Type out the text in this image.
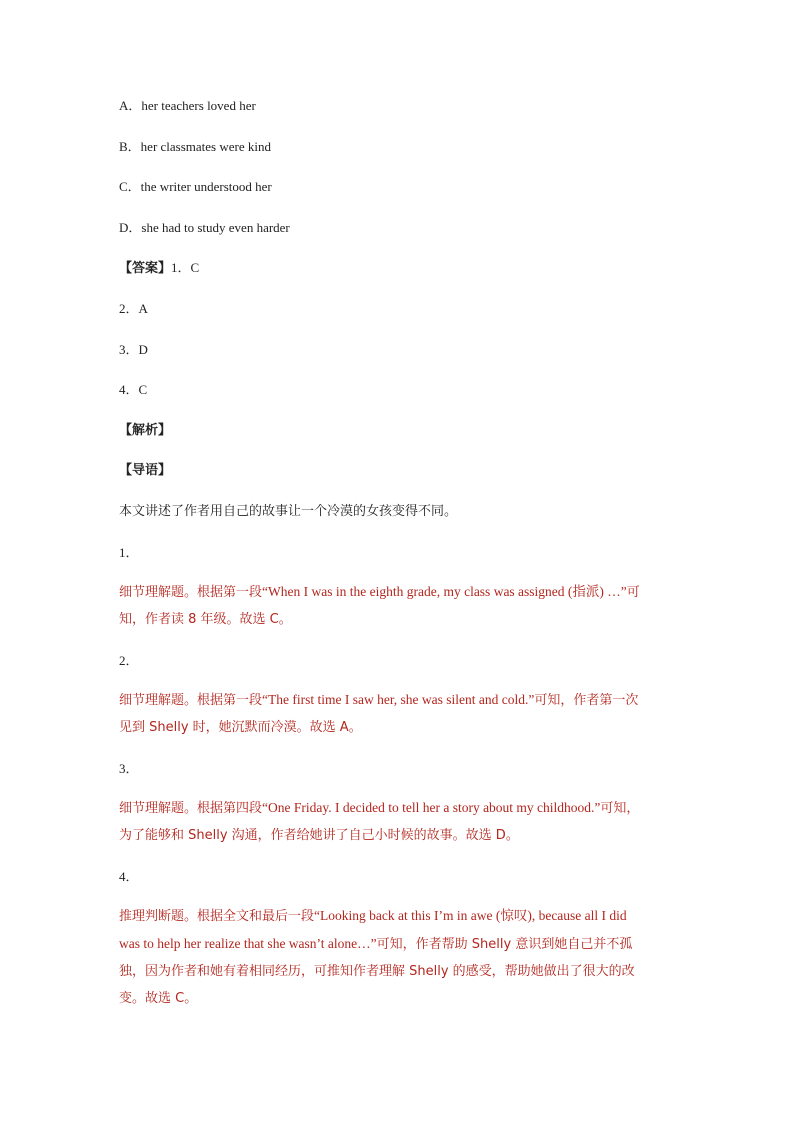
A．her teachers loved her
B．her classmates were kind
C．the writer understood her
D．she had to study even harder
【答案】1．C
2．A
3．D
4．C
【解析】
【导语】
本文讲述了作者用自己的故事让一个冷漠的女孩变得不同。
1．
细节理解题。根据第一段“When I was in the eighth grade, my class was assigned (指派) …”可
知，作者读 8 年级。故选 C。
2．
细节理解题。根据第一段“The first time I saw her, she was silent and cold.”可知，作者第一次
见到 Shelly 时，她沉默而冷漠。故选 A。
3．
细节理解题。根据第四段“One Friday. I decided to tell her a story about my childhood.”可知，
为了能够和 Shelly 沟通，作者给她讲了自己小时候的故事。故选 D。
4．
推理判断题。根据全文和最后一段“Looking back at this I’m in awe (惊叹), because all I did
was to help her realize that she wasn’t alone…”可知，作者帮助 Shelly 意识到她自己并不孤
独，因为作者和她有着相同经历，可推知作者理解 Shelly 的感受，帮助她做出了很大的改
变。故选 C。
